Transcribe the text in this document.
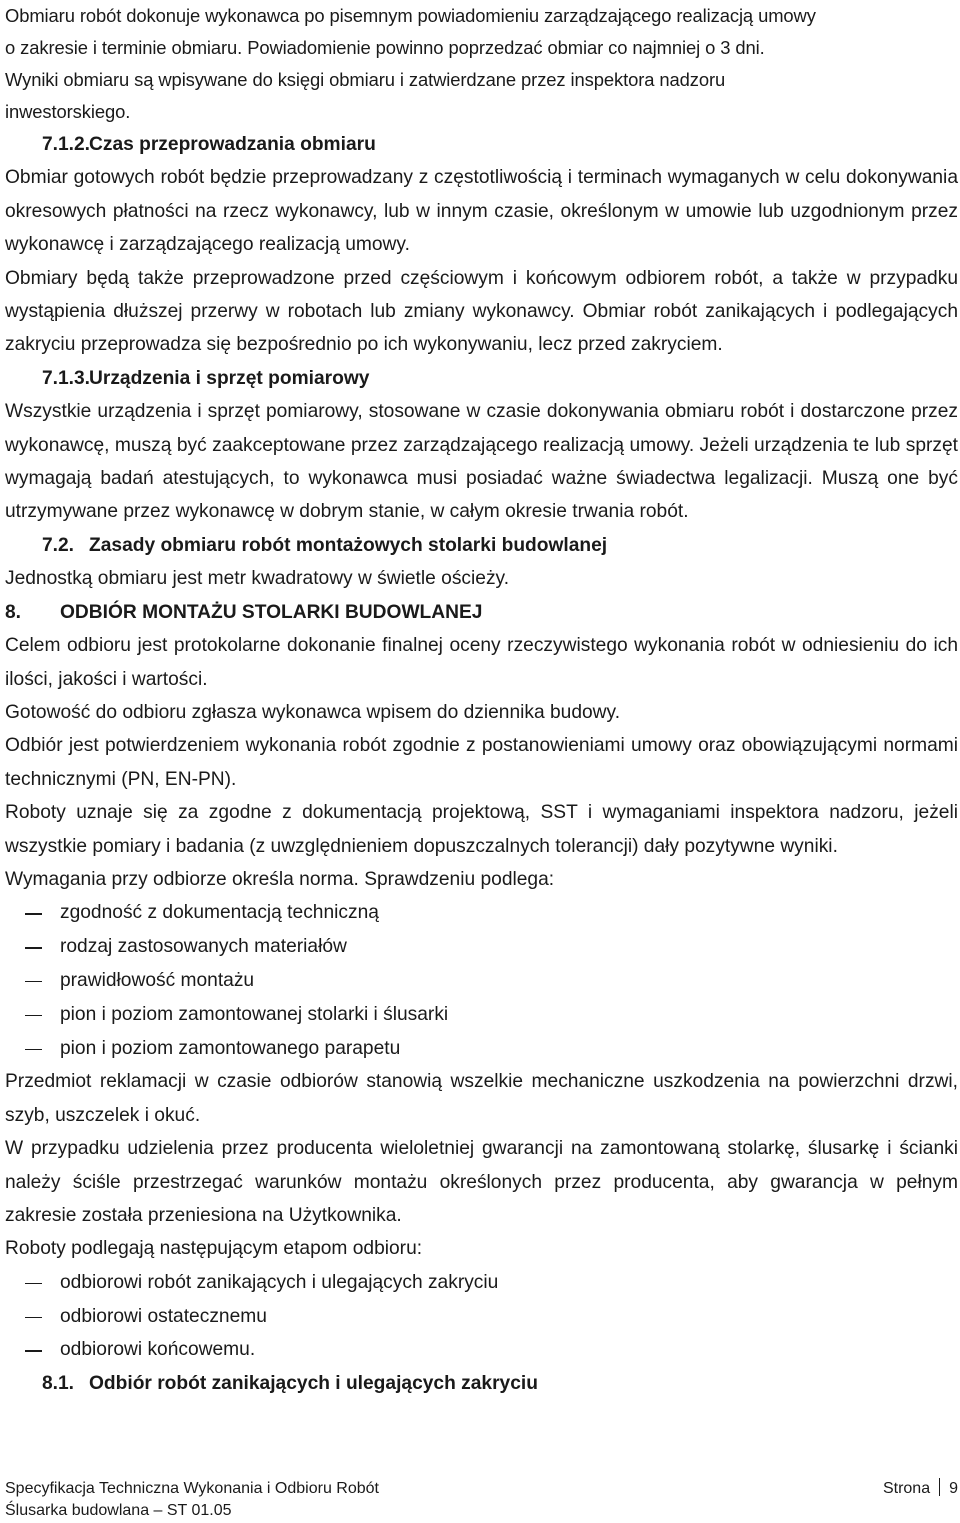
Obmiaru robót dokonuje wykonawca po pisemnym powiadomieniu zarządzającego realizacją umowy

o zakresie i terminie obmiaru. Powiadomienie powinno poprzedzać obmiar co najmniej o 3 dni.

Wyniki obmiaru są wpisywane do księgi obmiaru i zatwierdzane przez inspektora nadzoru

inwestorskiego.

7.1.2.Czas przeprowadzania obmiaru

Obmiar gotowych robót będzie przeprowadzany z częstotliwością i terminach wymaganych w celu dokonywania okresowych płatności na rzecz wykonawcy, lub w innym czasie, określonym w umowie lub uzgodnionym przez wykonawcę i zarządzającego realizacją umowy.

Obmiary będą także przeprowadzone przed częściowym i końcowym odbiorem robót, a także w przypadku wystąpienia dłuższej przerwy w robotach lub zmiany wykonawcy. Obmiar robót zanikających i podlegających zakryciu przeprowadza się bezpośrednio po ich wykonywaniu, lecz przed zakryciem.

7.1.3.Urządzenia i sprzęt pomiarowy

Wszystkie urządzenia i sprzęt pomiarowy, stosowane w czasie dokonywania obmiaru robót i dostarczone przez wykonawcę, muszą być zaakceptowane przez zarządzającego realizacją umowy. Jeżeli urządzenia te lub sprzęt wymagają badań atestujących, to wykonawca musi posiadać ważne świadectwa legalizacji. Muszą one być utrzymywane przez wykonawcę w dobrym stanie, w całym okresie trwania robót.

7.2. Zasady obmiaru robót montażowych stolarki budowlanej

Jednostką obmiaru jest metr kwadratowy w świetle ościeży.

8. ODBIÓR MONTAŻU STOLARKI BUDOWLANEJ

Celem odbioru jest protokolarne dokonanie finalnej oceny rzeczywistego wykonania robót w odniesieniu do ich ilości, jakości i wartości.

Gotowość do odbioru zgłasza wykonawca wpisem do dziennika budowy.

Odbiór jest potwierdzeniem wykonania robót zgodnie z postanowieniami umowy oraz obowiązującymi normami technicznymi (PN, EN-PN).

Roboty uznaje się za zgodne z dokumentacją projektową, SST i wymaganiami inspektora nadzoru, jeżeli wszystkie pomiary i badania (z uwzględnieniem dopuszczalnych tolerancji) dały pozytywne wyniki.

Wymagania przy odbiorze określa norma. Sprawdzeniu podlega:

zgodność z dokumentacją techniczną
rodzaj zastosowanych materiałów
prawidłowość montażu
pion i poziom zamontowanej stolarki i ślusarki
pion i poziom zamontowanego parapetu

Przedmiot reklamacji w czasie odbiorów stanowią wszelkie mechaniczne uszkodzenia na powierzchni drzwi, szyb, uszczelek i okuć.

W przypadku udzielenia przez producenta wieloletniej gwarancji na zamontowaną stolarkę, ślusarkę i ścianki należy ściśle przestrzegać warunków montażu określonych przez producenta, aby gwarancja w pełnym zakresie została przeniesiona na Użytkownika.

Roboty podlegają następującym etapom odbioru:

odbiorowi robót zanikających i ulegających zakryciu
odbiorowi ostatecznemu
odbiorowi końcowemu.
8.1. Odbiór robót zanikających i ulegających zakryciu
Specyfikacja Techniczna Wykonania i Odbioru Robót
Ślusarka budowlana – ST 01.05
Strona 9
